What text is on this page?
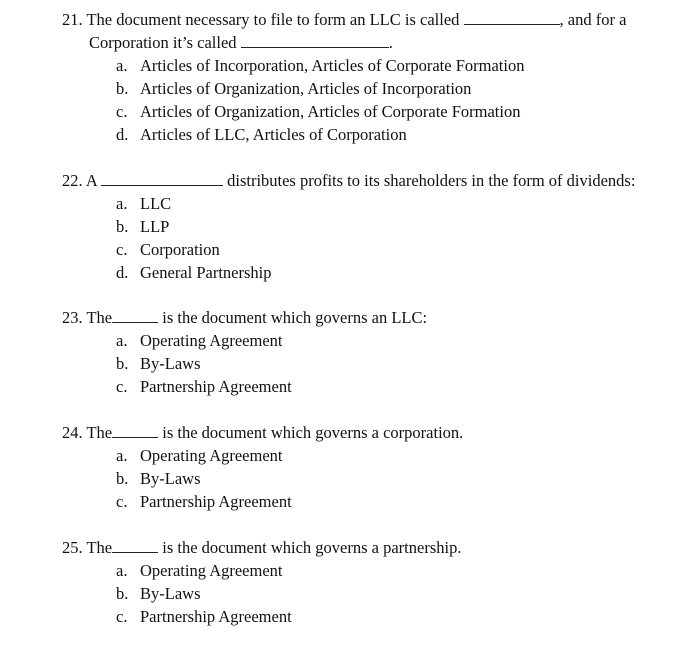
21. The document necessary to file to form an LLC is called	, and for a
Corporation it’s called	.
a. Articles of Incorporation, Articles of Corporate Formation
b. Articles of Organization, Articles of Incorporation
c. Articles of Organization, Articles of Corporate Formation
d. Articles of LLC, Articles of Corporation
22. A	distributes profits to its shareholders in the form of dividends:
a. LLC
b. LLP
c. Corporation
d. General Partnership
23. The	is the document which governs an LLC:
a. Operating Agreement
b. By-Laws
c. Partnership Agreement
24. The	is the document which governs a corporation.
a. Operating Agreement
b. By-Laws
c. Partnership Agreement
25. The	is the document which governs a partnership.
a. Operating Agreement
b. By-Laws
c. Partnership Agreement
